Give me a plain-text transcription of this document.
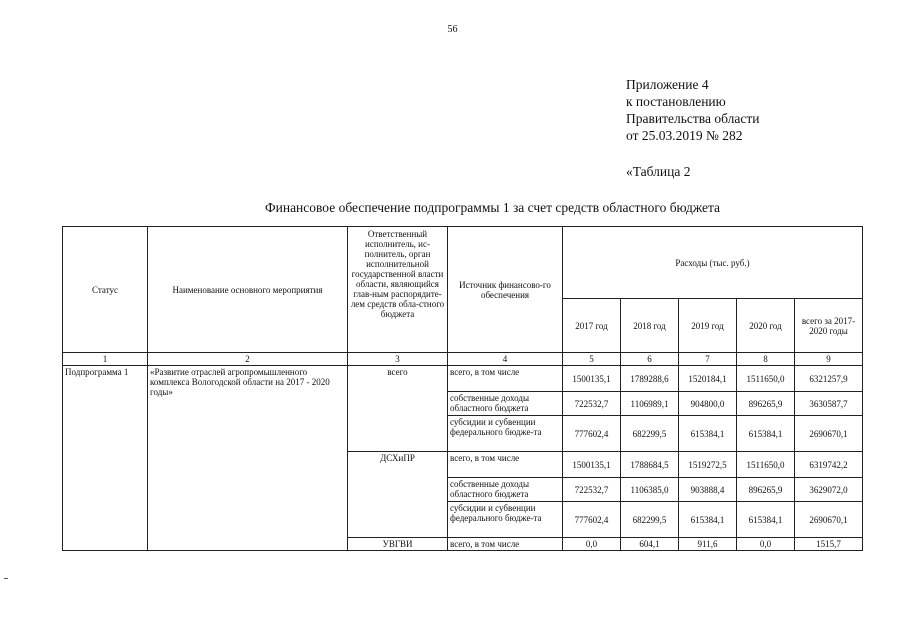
56
Приложение 4
к постановлению
Правительства области
от 25.03.2019 № 282
«Таблица 2
Финансовое обеспечение подпрограммы 1 за счет средств областного бюджета
Статус	Наименование основного мероприятия	Ответственный исполнитель, ис-полнитель, орган исполнительной государственной власти области, являющийся глав-ным распорядите-лем средств обла-стного бюджета	Источник финансово-го обеспечения	Расходы (тыс. руб.)				
				2017 год	2018 год	2019 год	2020 год	всего за 2017-2020 годы
1	2	3	4	5	6	7	8	9
Подпрограмма 1	«Развитие отраслей агропромышленного комплекса Вологодской области на 2017 - 2020 годы»	всего	всего, в том числе	1500135,1	1789288,6	1520184,1	1511650,0	6321257,9
			собственные доходы областного бюджета	722532,7	1106989,1	904800,0	896265,9	3630587,7
			субсидии и субвенции федерального бюдже-та	777602,4	682299,5	615384,1	615384,1	2690670,1
		ДСХиПР	всего, в том числе	1500135,1	1788684,5	1519272,5	1511650,0	6319742,2
			собственные доходы областного бюджета	722532,7	1106385,0	903888,4	896265,9	3629072,0
			субсидии и субвенции федерального бюдже-та	777602,4	682299,5	615384,1	615384,1	2690670,1
		УВГВИ	всего, в том числе	0,0	604,1	911,6	0,0	1515,7
